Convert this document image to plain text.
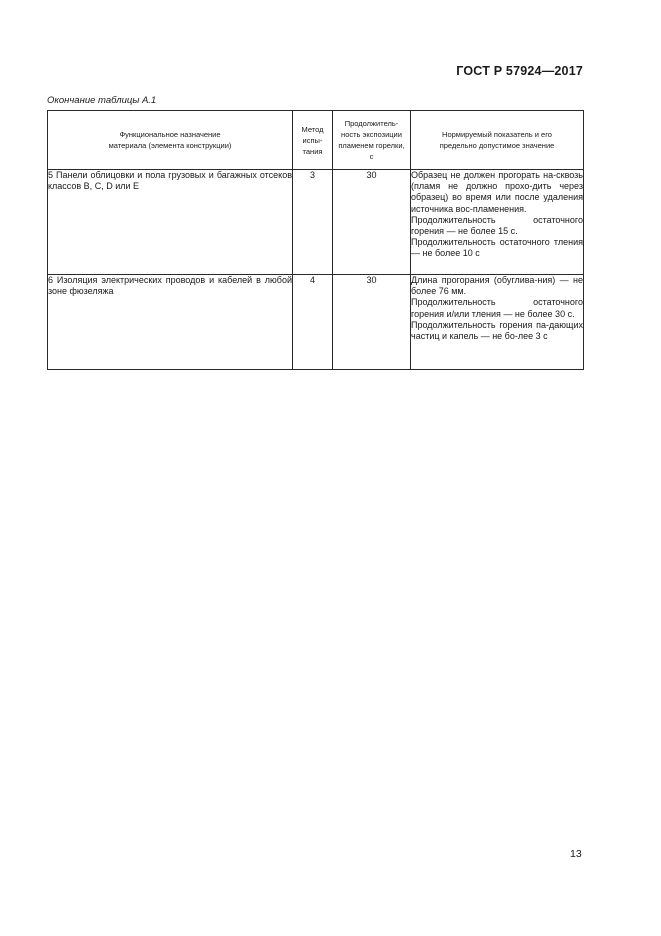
ГОСТ Р 57924—2017
Окончание таблицы А.1
Функциональное назначение материала (элемента конструкции)	Метод испы-тания	Продолжитель-ность экспозиции пламенем горелки, с	Нормируемый показатель и его предельно допустимое значение
5 Панели облицовки и пола грузовых и багажных отсеков классов B, C, D или E	3	30	Образец не должен прогорать на-сквозь (пламя не должно прохо-дить через образец) во время или после удаления источника вос-пламенения.

Продолжительность остаточного горения — не более 15 с.

Продолжительность остаточного тления — не более 10 с

6 Изоляция электрических проводов и кабелей в любой зоне фюзеляжа	4	30	Длина прогорания (обуглива-ния) — не более 76 мм.

Продолжительность остаточного горения и/или тления — не более 30 с.

Продолжительность горения па-дающих частиц и капель — не бо-лее 3 с

13
